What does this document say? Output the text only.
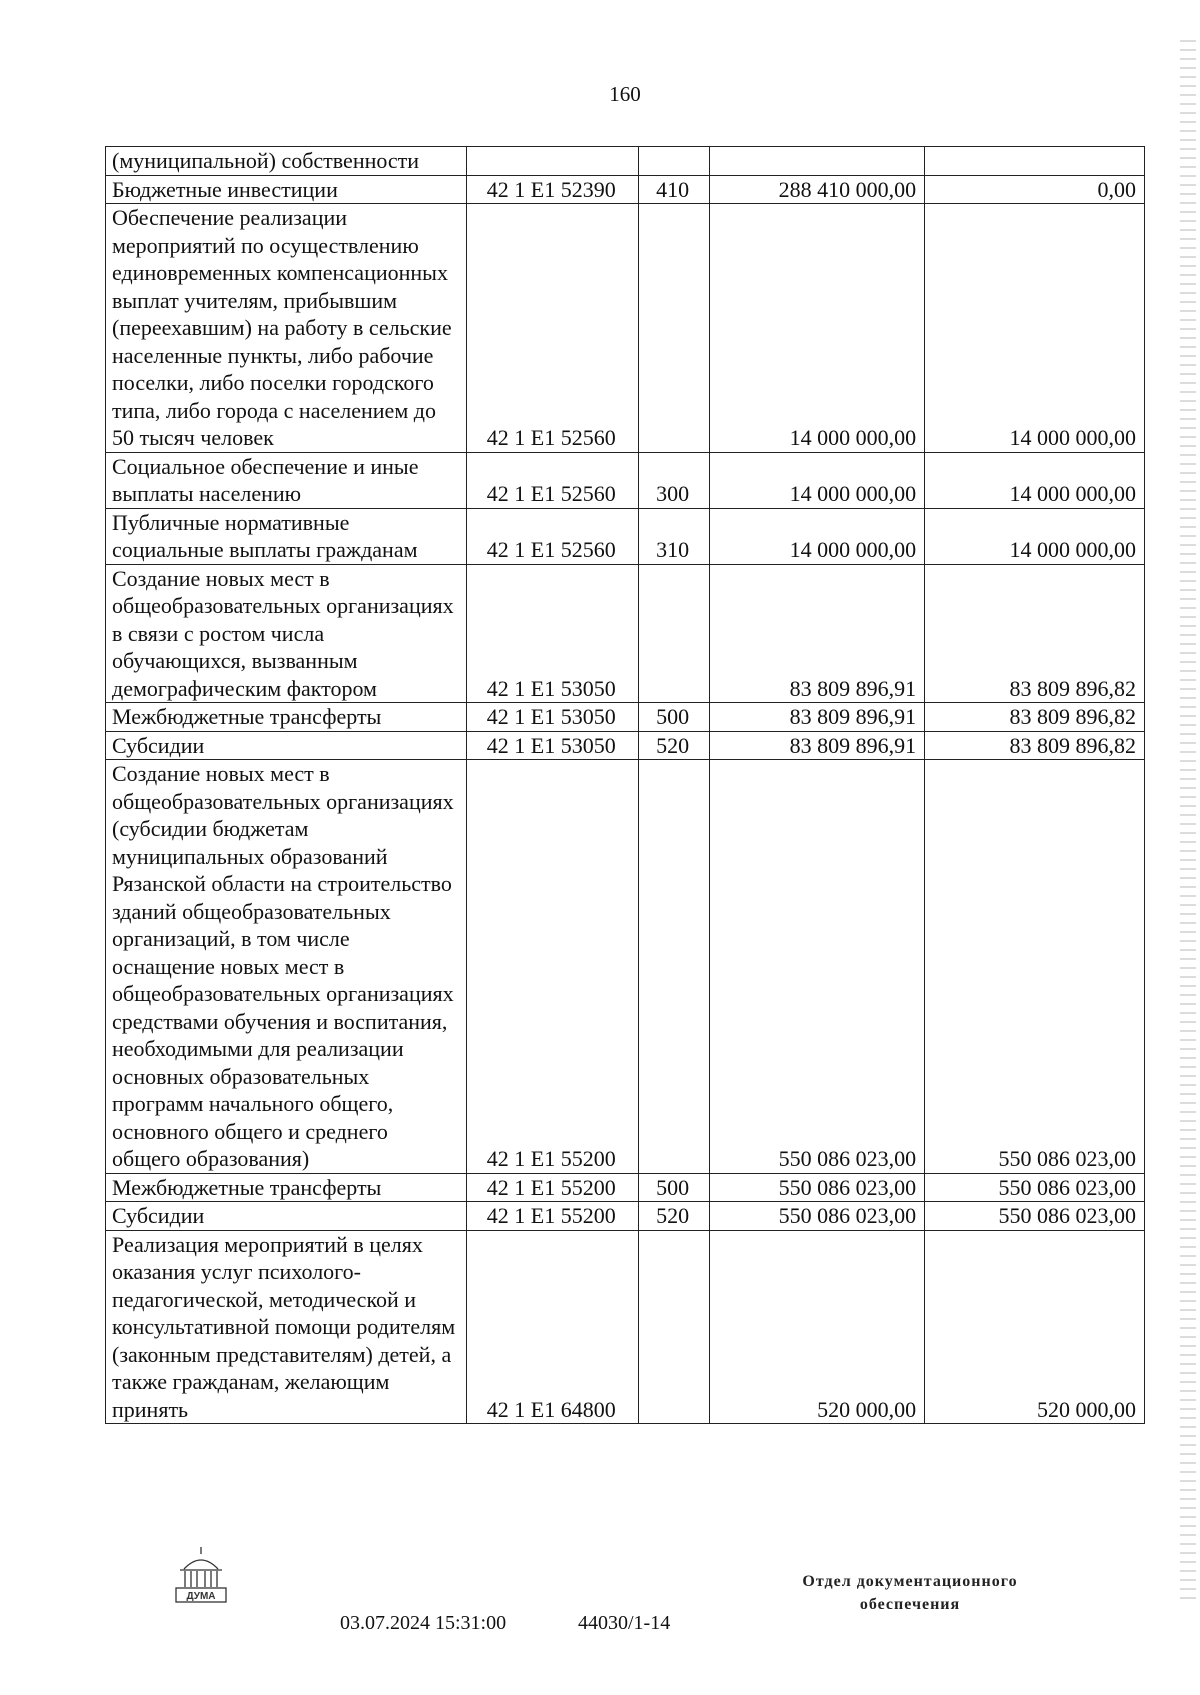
160
(муниципальной) собственности				
Бюджетные инвестиции	42 1 Е1 52390	410	288 410 000,00	0,00
Обеспечение реализации мероприятий по осуществлению единовременных компенсационных выплат учителям, прибывшим (переехавшим) на работу в сельские населенные пункты, либо рабочие поселки, либо поселки городского типа, либо города с населением до 50 тысяч человек	42 1 Е1 52560		14 000 000,00	14 000 000,00
Социальное обеспечение и иные выплаты населению	42 1 Е1 52560	300	14 000 000,00	14 000 000,00
Публичные нормативные социальные выплаты гражданам	42 1 Е1 52560	310	14 000 000,00	14 000 000,00
Создание новых мест в общеобразовательных организациях в связи с ростом числа обучающихся, вызванным демографическим фактором	42 1 Е1 53050		83 809 896,91	83 809 896,82
Межбюджетные трансферты	42 1 Е1 53050	500	83 809 896,91	83 809 896,82
Субсидии	42 1 Е1 53050	520	83 809 896,91	83 809 896,82
Создание новых мест в общеобразовательных организациях (субсидии бюджетам муниципальных образований Рязанской области на строительство зданий общеобразовательных организаций, в том числе оснащение новых мест в общеобразовательных организациях средствами обучения и воспитания, необходимыми для реализации основных образовательных программ начального общего, основного общего и среднего общего образования)	42 1 Е1 55200		550 086 023,00	550 086 023,00
Межбюджетные трансферты	42 1 Е1 55200	500	550 086 023,00	550 086 023,00
Субсидии	42 1 Е1 55200	520	550 086 023,00	550 086 023,00
Реализация мероприятий в целях оказания услуг психолого-педагогической, методической и консультативной помощи родителям (законным представителям) детей, а также гражданам, желающим принять	42 1 Е1 64800		520 000,00	520 000,00
ДУМА
03.07.2024 15:31:00	44030/1-14
Отдел документационного
обеспечения
